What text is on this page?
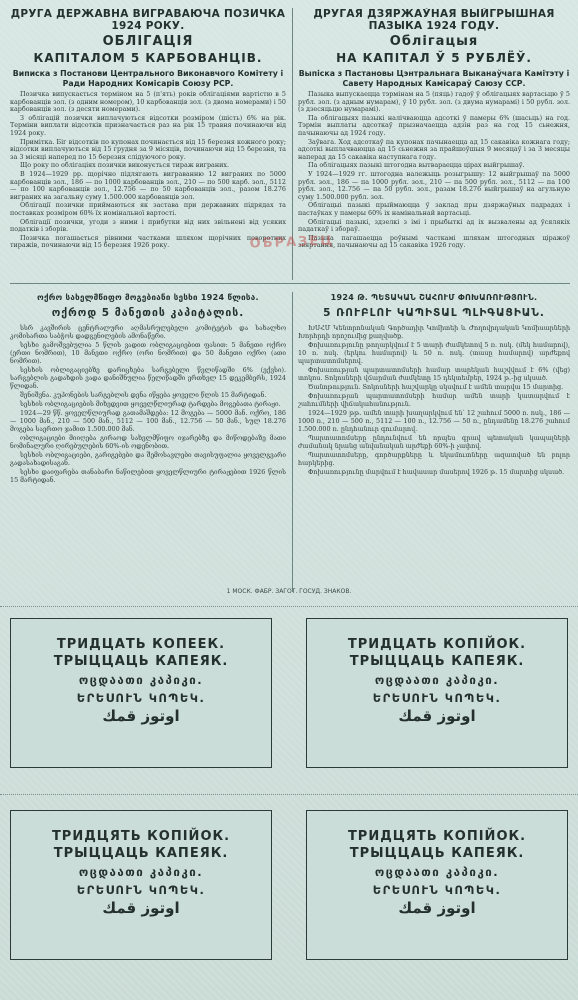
ДРУГА ДЕРЖАВНА ВИГРАВАЮЧА ПОЗИЧКА 1924 РОКУ.
ОБЛІГАЦІЯ
КАПІТАЛОМ 5 КАРБОВАНЦІВ.
Виписка з Постанови Центрального Виконавчого Комітету і Ради Народних Комісарів Союзу РСР.

Позичка випускається терміном на 5 (п'ять) років облігаціями вартістю в 5 карбованців зол. (з одним номером), 10 карбованців зол. (з двома номерами) і 50 карбованців зол. (з десяти номерами).

З облігацій позички виплачуються відсотки розміром (шість) 6% на рік. Терміни виплати відсотків призначається раз на рік 15 травня починаючи від 1924 року.

Примітка. Біг відсотків по купонах починається від 15 березня кожного року; відсотки виплачуються від 15 грудня за 9 місяців, починаючи від 15 березня, та за 3 місяці наперед по 15 березня слідуючого року.

Що року по облігаціях позички виконується тираж виграних.

В 1924—1929 рр. щорічно підлягають виграванню 12 виграних по 5000 карбованців зол., 186 — по 1000 карбованців зол., 210 — по 500 карб. зол., 5112 — по 100 карбованців зол., 12.756 — по 50 карбованців зол., разом 18.276 виграних на загальну суму 1.500.000 карбованців зол.

Облігації позички приймаються як застава при державних підрядах та поставках розміром 60% їх номінальної вартості.

Облігації позички, угоди з ними і прибутки від них звільнені від усяких податків і зборів.

Позичка погашається рівними частками шляхом щорічних поворотних тиражів, починаючи від 15 березня 1926 року.

ДРУГАЯ ДЗЯРЖАЎНАЯ ВЫЙГРЫШНАЯ ПАЗЫКА 1924 ГОДУ.
Облігацыя
НА КАПІТАЛ Ў 5 РУБЛЁЎ.
Выпіска з Пастановы Цэнтральнага Выканаўчага Камітэту і Савету Народных Камісараў Саюзу ССР.

Пазыка выпускаецца тэрмінам на 5 (пяць) гадоў ў облігацыях вартасьцю ў 5 рубл. зол. (з адным нумарам), ў 10 рубл. зол. (з двума нумарамі) і 50 рубл. зол. (з дзесяцьцю нумарамі).

Па облігацыях пазыкі налічваюцца адсоткі ў памеры 6% (шасьць) на год. Тэрмін выплаты адсоткаў прызначаецца адзін раз на год 15 сьнежня, пачынаючы ад 1924 году.

Заўвага. Ход адсоткаў па купонах пачынаецца ад 15 сакавіка кожнага году; адсоткі выплачваюцца ад 15 сьнежня за прайшоўшыя 9 месяцаў і за 3 месяцы наперад да 15 сакавіка наступнага году.

Па облігацыях пазыкі штогодна вытвараецца цірах выйгрышаў.

У 1924—1929 гг. штогодна належыць розыгрышу: 12 выйгрышаў па 5000 рубл. зол., 186 — па 1000 рубл. зол., 210 — па 500 рубл. зол., 5112 — па 100 рубл. зол., 12.756 — па 50 рубл. зол., разам 18.276 выйгрышаў на агульную суму 1.500.000 рубл. зол.

Облігацыі пазыкі прыймаюцца ў заклад пры дзяржаўных падрадах і пастаўках у памеры 60% іх намінальнай вартасьці.

Облігацыі пазыкі, здзелкі з імі і прыбыткі ад іх вызвалены ад ўсялякіх падаткаў і збораў.

Пазыка пагашаецца роўнымі часткамі шляхам штогодных ціражоў звяртання, пачынаючы ад 15 сакавіка 1926 году.

ОБРАЗЕЦ
ოქრო სახელმწიფო მოგებიანი სესხი 1924 წლისა.
ოქროდ 5 მანეთის კაპიტალის.

სსრ კავშირის ცენტრალური აღმასრულებელი კომიტეტის და სახალხო კომისართა საბჭოს დადგენილების ამონაწერი.

სესხი გამოშვებულია 5 წლის ვადით ობლიგაციებით ფასით: 5 მანეთი ოქრო (ერთი ნომრით), 10 მანეთი ოქრო (ორი ნომრით) და 50 მანეთი ოქრო (ათი ნომრით).

სესხის ობლიგაციებზე დარიცხება სარგებელი წელიწადში 6% (ექვსი). სარგებლის გადახდის ვადა დანიშნულია წელიწადში ერთხელ 15 დეკემბერს, 1924 წლიდან.

შენიშვნა. კუპონების სარგებლის დენა იწყება ყოველი წლის 15 მარტიდან.

სესხის ობლიგაციების მიხედვით ყოველწლიურად ტარდება მოგებათა ტირაჟი.

1924—29 წწ. ყოველწლიურად გათამაშდება: 12 მოგება — 5000 მან. ოქრო, 186 — 1000 მან., 210 — 500 მან., 5112 — 100 მან., 12.756 — 50 მან., სულ 18.276 მოგება საერთო ჯამით 1.500.000 მან.

ობლიგაციები მიიღება გირაოდ სახელმწიფო იჯარებზე და მიწოდებაზე მათი ნომინალური ღირებულების 60%-ის ოდენობით.

სესხის ობლიგაციები, გარიგებები და შემოსავლები თავისუფალია ყოველგვარი გადასახადისაგან.

სესხი დაიფარება თანაბარი ნაწილებით ყოველწლიური ტირაჟებით 1926 წლის 15 მარტიდან.

1924 Թ. ՊԵՏԱԿԱՆ ՇԱՀՈՒՄ ՓՈԽԱՌՈՒԹՅՈՒՆ.
5 ՌՈՒԲԼՈՒ ԿԱՊԻՏԱԼ ՊԼԻԳԱՑԻԱՆ.

ԽՍՀՄ Կենտրոնական Գործադիր Կոմիտեի և Ժողովրդական Կոմիսարների Խորհրդի որոշումից քաղվածք.

Փոխառությունը թողարկվում է 5 տարի ժամկետով 5 ռ. ոսկ. (մեկ համարով), 10 ռ. ոսկ. (երկու համարով) և 50 ռ. ոսկ. (տասը համարով) արժեքով պարտատոմսերով.

Փոխառության պարտատոմսերի համար տարեկան հաշվվում է 6% (վեց) տոկոս. Տոկոսների վճարման ժամկետը 15 դեկտեմբեր, 1924 թ.-ից սկսած.

Ծանոթություն. Տոկոսների հաշվարկը սկսվում է ամեն տարվա 15 մարտից.

Փոխառության պարտատոմսերի համար ամեն տարի կատարվում է շահումների վիճակահանություն.

1924—1929 թթ. ամեն տարի խաղարկվում են՝ 12 շահում 5000 ռ. ոսկ., 186 — 1000 ռ., 210 — 500 ռ., 5112 — 100 ռ., 12.756 — 50 ռ., ընդամենը 18.276 շահում 1.500.000 ռ. ընդհանուր գումարով.

Պարտատոմսերը ընդունվում են որպես գրավ պետական կապալների ժամանակ նրանց անվանական արժեքի 60%-ի չափով.

Պարտատոմսերը, գործարքները և եկամուտները ազատված են բոլոր հարկերից.

Փոխառությունը մարվում է հավասար մասերով 1926 թ. 15 մարտից սկսած.

1 МОСК. ФАБР. ЗАГОТ. ГОСУД. ЗНАКОВ.
ТРИДЦАТЬ КОПЕЕК.
ТРЫЦЦАЦЬ КАПЕЯК.
ოცდაათი კაპიკი.
ԵՐԵՍՈՒՆ ԿՈՊԵԿ.
اوتوز قمك
ТРИДЦАТЬ КОПІЙОК.
ТРЫЦЦАЦЬ КАПЕЯК.
ოცდაათი კაპიკი.
ԵՐԵՍՈՒՆ ԿՈՊԵԿ.
اوتوز قمك
ТРИДЦЯТЬ КОПІЙОК.
ТРЫЦЦАЦЬ КАПЕЯК.
ოცდაათი კაპიკი.
ԵՐԵՍՈՒՆ ԿՈՊԵԿ.
اوتوز قمك
ТРИДЦЯТЬ КОПІЙОК.
ТРЫЦЦАЦЬ КАПЕЯК.
ოცდაათი კაპიკი.
ԵՐԵՍՈՒՆ ԿՈՊԵԿ.
اوتوز قمك
